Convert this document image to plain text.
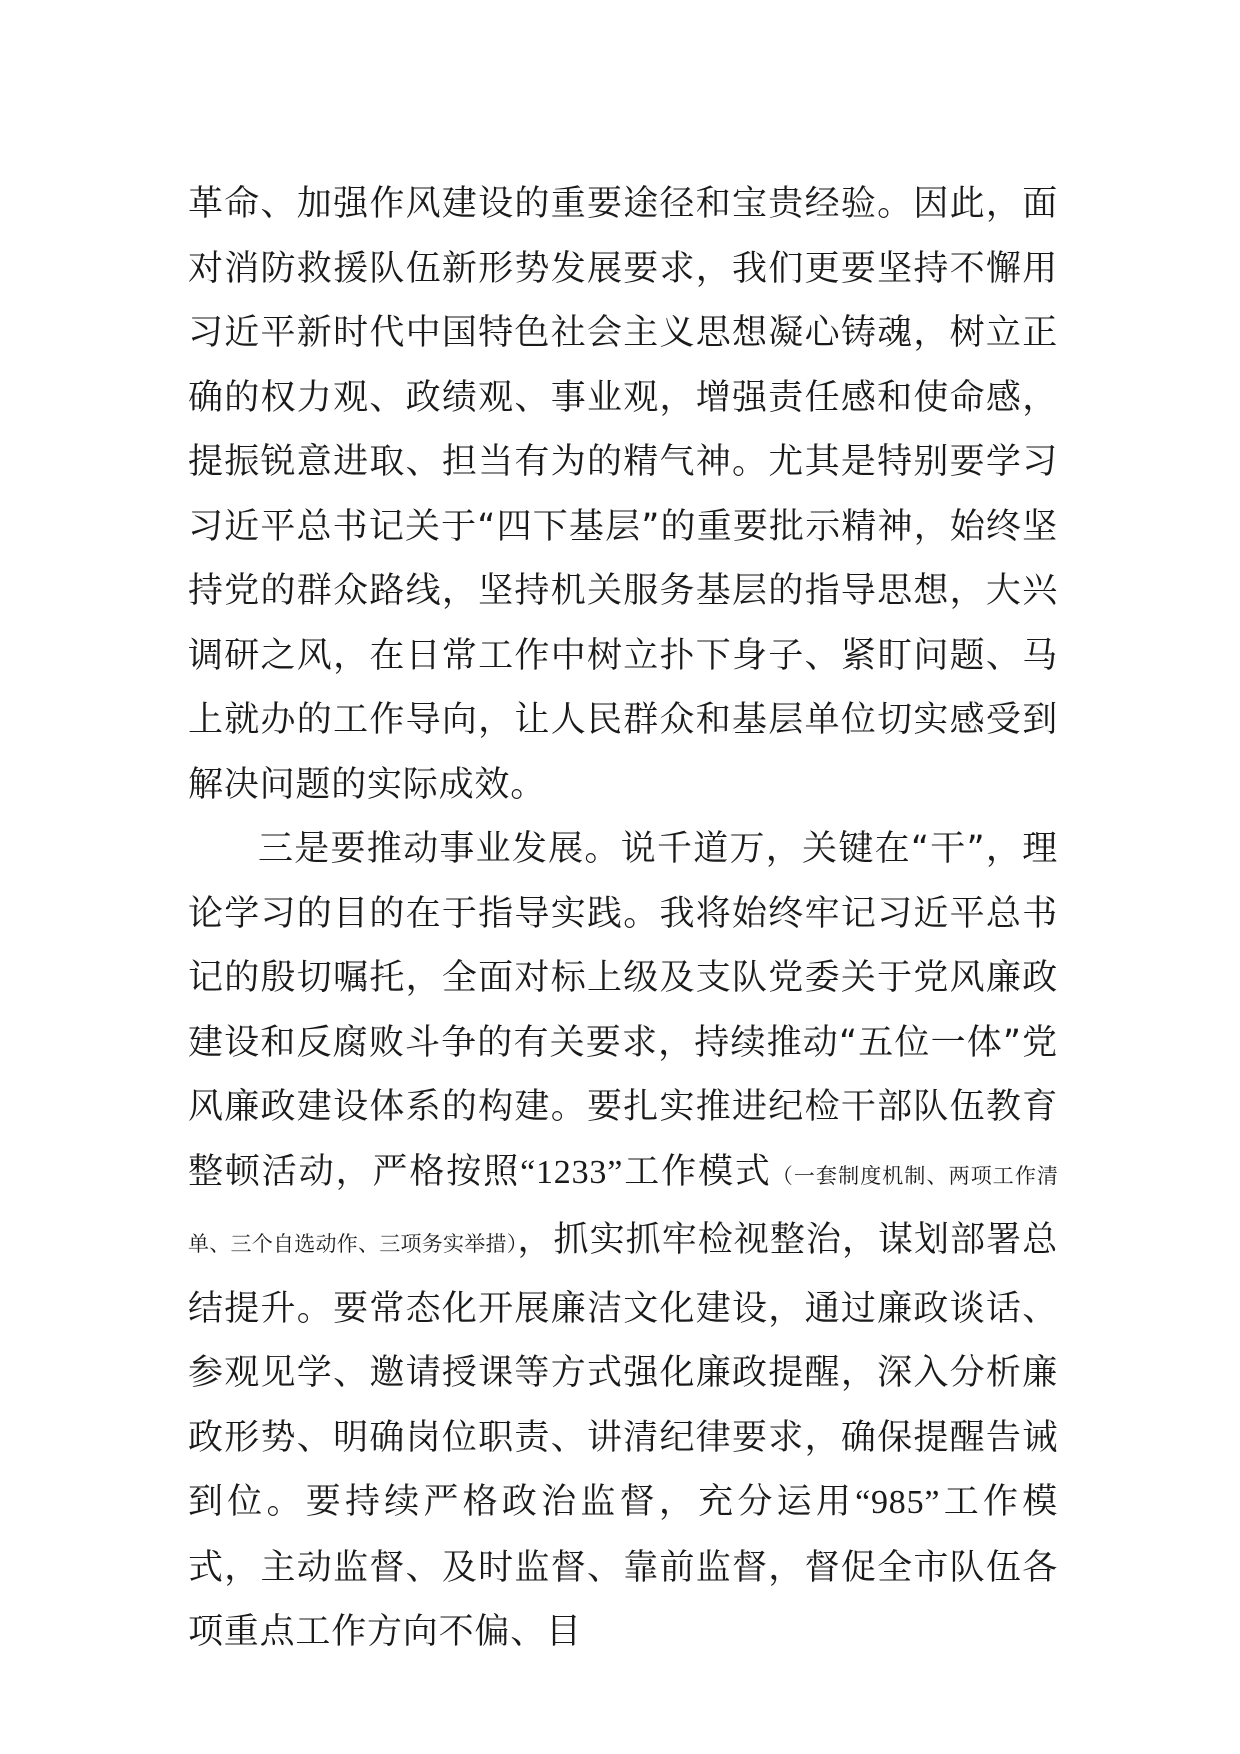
革命、加强作风建设的重要途径和宝贵经验。因此，面对消防救援队伍新形势发展要求，我们更要坚持不懈用习近平新时代中国特色社会主义思想凝心铸魂，树立正确的权力观、政绩观、事业观，增强责任感和使命感，提振锐意进取、担当有为的精气神。尤其是特别要学习习近平总书记关于“四下基层”的重要批示精神，始终坚持党的群众路线，坚持机关服务基层的指导思想，大兴调研之风，在日常工作中树立扑下身子、紧盯问题、马上就办的工作导向，让人民群众和基层单位切实感受到解决问题的实际成效。

三是要推动事业发展。说千道万，关键在“干”，理论学习的目的在于指导实践。我将始终牢记习近平总书记的殷切嘱托，全面对标上级及支队党委关于党风廉政建设和反腐败斗争的有关要求，持续推动“五位一体”党风廉政建设体系的构建。要扎实推进纪检干部队伍教育整顿活动，严格按照“1233”工作模式（一套制度机制、两项工作清单、三个自选动作、三项务实举措），抓实抓牢检视整治，谋划部署总结提升。要常态化开展廉洁文化建设，通过廉政谈话、参观见学、邀请授课等方式强化廉政提醒，深入分析廉政形势、明确岗位职责、讲清纪律要求，确保提醒告诫到位。要持续严格政治监督，充分运用“985”工作模式，主动监督、及时监督、靠前监督，督促全市队伍各项重点工作方向不偏、目
